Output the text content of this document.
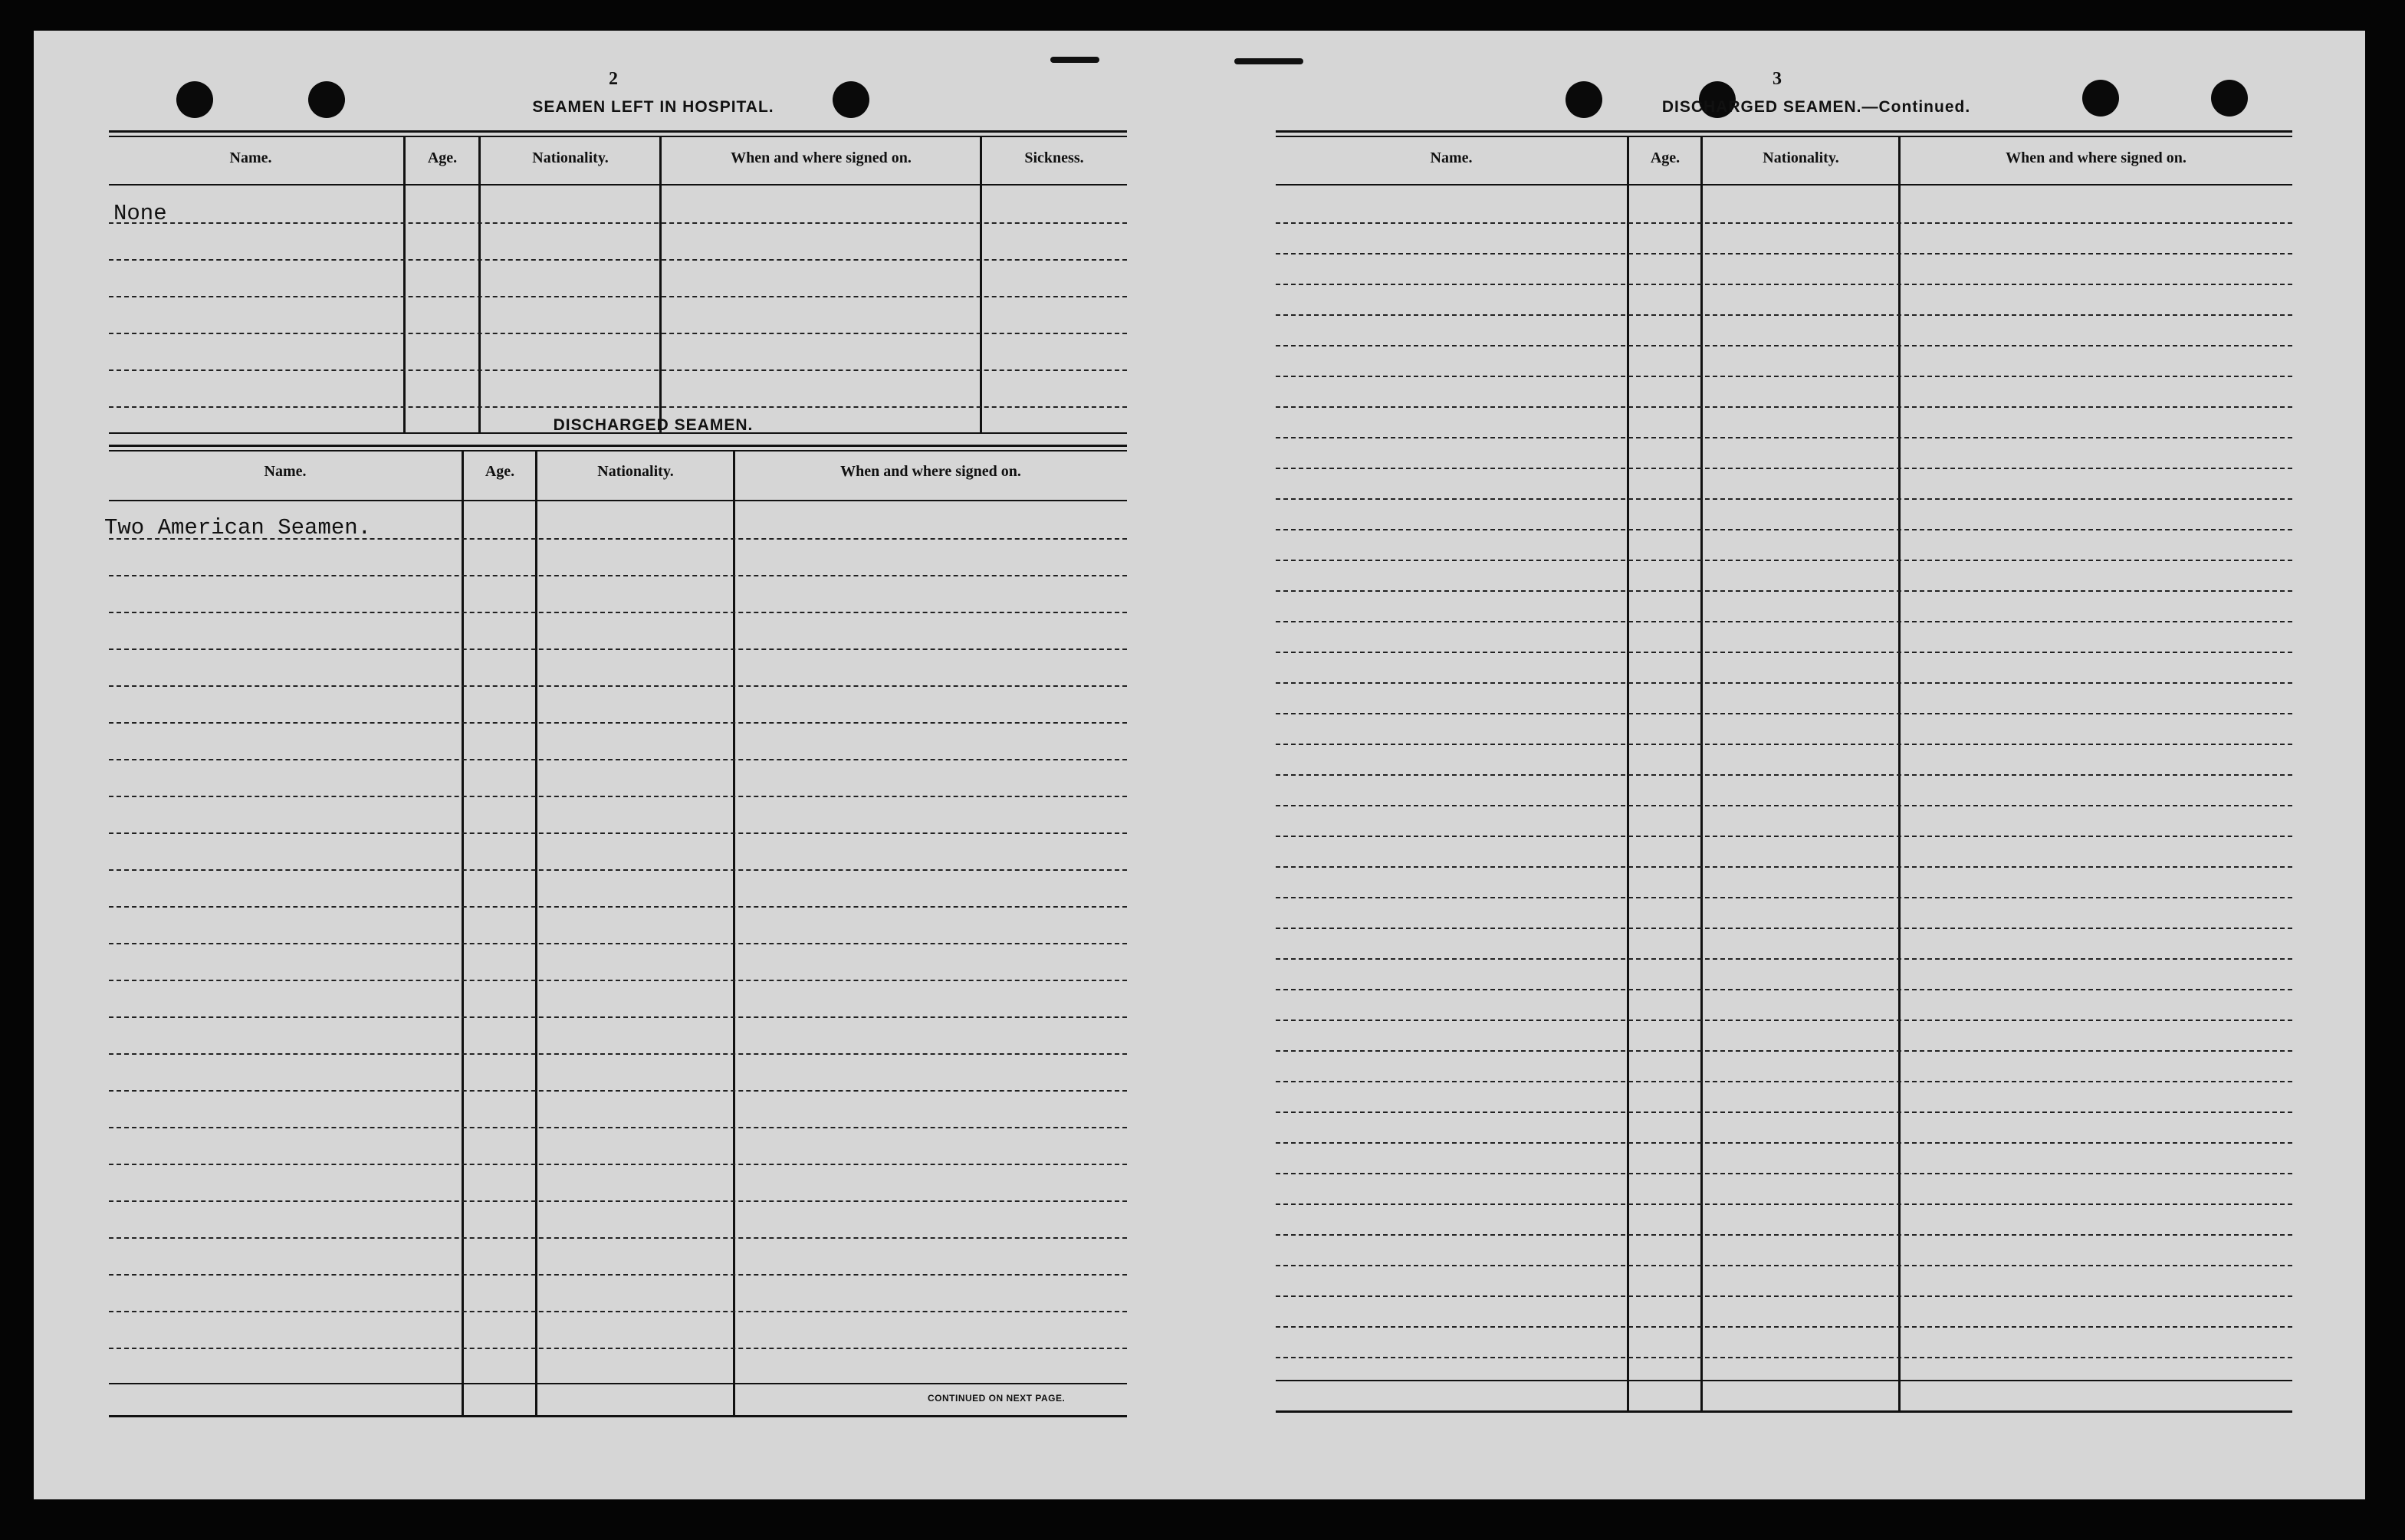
2
SEAMEN LEFT IN HOSPITAL.
Name.	Age.	Nationality.	When and where signed on.	Sickness.
None
DISCHARGED SEAMEN.
Name.	Age.	Nationality.	When and where signed on.
Two American Seamen.
CONTINUED ON NEXT PAGE.
3
DISCHARGED SEAMEN.—Continued.
Name.	Age.	Nationality.	When and where signed on.
